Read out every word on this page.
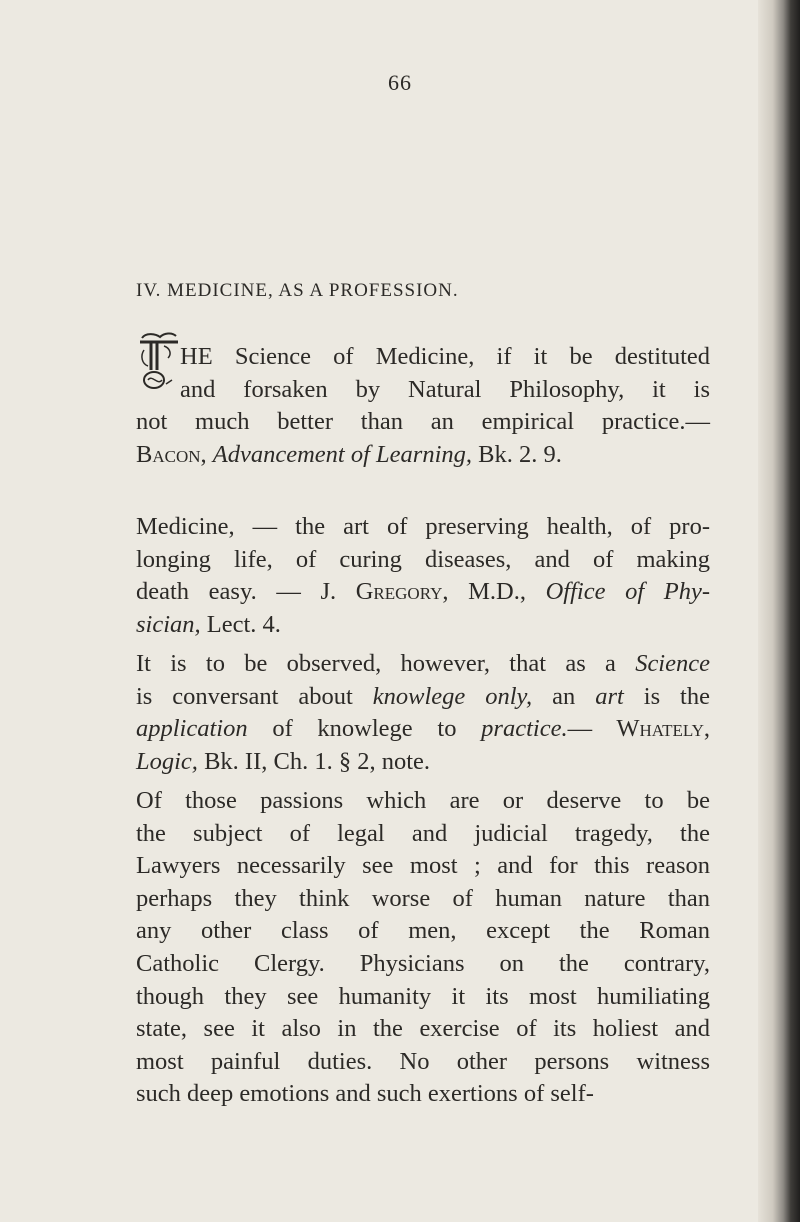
66
IV. MEDICINE, AS A PROFESSION.
T
HE Science of Medicine, if it be destituted
and forsaken by Natural Philosophy, it is
not much better than an empirical practice.—
Bacon, Advancement of Learning, Bk. 2. 9.
Medicine, — the art of preserving health, of pro-
longing life, of curing diseases, and of making
death easy. — J. Gregory, M.D., Office of Phy-
sician, Lect. 4.
It is to be observed, however, that as a Science
is conversant about knowlege only, an art is the
application of knowlege to practice.— Whately,
Logic, Bk. II, Ch. 1. § 2, note.
Of those passions which are or deserve to be
the subject of legal and judicial tragedy, the
Lawyers necessarily see most ; and for this reason
perhaps they think worse of human nature than
any other class of men, except the Roman
Catholic Clergy. Physicians on the contrary,
though they see humanity it its most humiliating
state, see it also in the exercise of its holiest and
most painful duties. No other persons witness
such deep emotions and such exertions of self-
